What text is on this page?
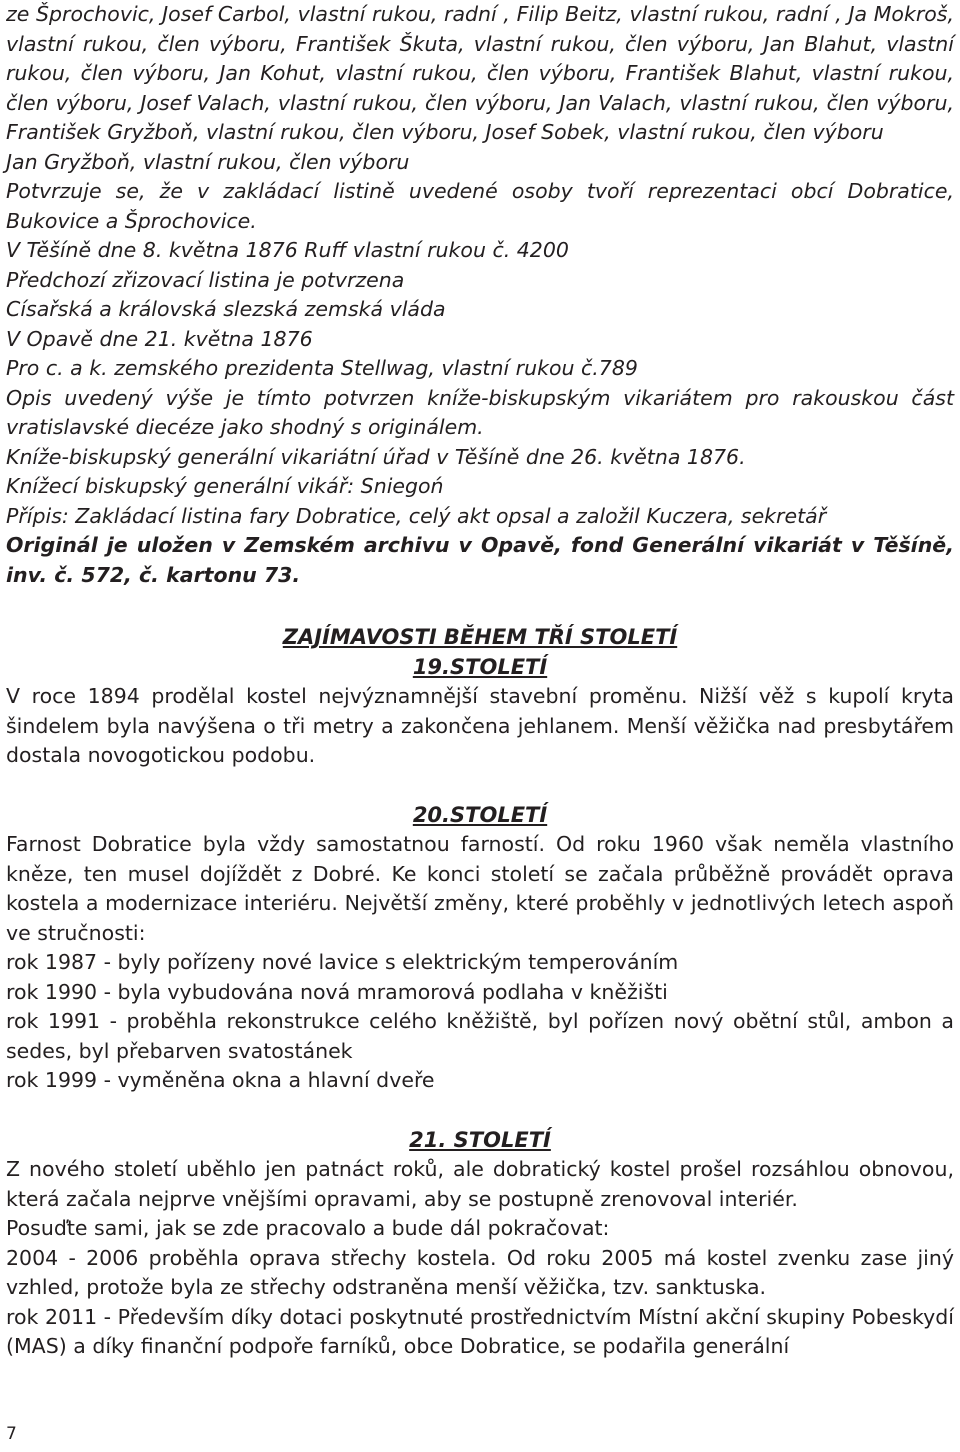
ze Šprochovic, Josef Carbol, vlastní rukou, radní , Filip Beitz, vlastní rukou, radní , Ja Mokroš, vlastní rukou, člen výboru, František Škuta, vlastní rukou, člen výboru, Jan Blahut, vlastní rukou, člen výboru, Jan Kohut, vlastní rukou, člen výboru, František Blahut, vlastní rukou, člen výboru, Josef Valach, vlastní rukou, člen výboru, Jan Valach, vlastní rukou, člen výboru, František Gryžboň, vlastní rukou, člen výboru, Josef Sobek, vlastní rukou, člen výboru

Jan Gryžboň, vlastní rukou, člen výboru

Potvrzuje se, že v zakládací listině uvedené osoby tvoří reprezentaci obcí Dobratice, Bukovice a Šprochovice.

V Těšíně dne 8. května 1876 Ruff vlastní rukou č. 4200

Předchozí zřizovací listina je potvrzena

Císařská a královská slezská zemská vláda

V Opavě dne 21. května 1876

Pro c. a k. zemského prezidenta Stellwag, vlastní rukou č.789

Opis uvedený výše je tímto potvrzen kníže-biskupským vikariátem pro rakouskou část vratislavské diecéze jako shodný s originálem.

Kníže-biskupský generální vikariátní úřad v Těšíně dne 26. května 1876.

Knížecí biskupský generální vikář: Sniegoń

Přípis: Zakládací listina fary Dobratice, celý akt opsal a založil Kuczera, sekretář

Originál je uložen v Zemském archivu v Opavě, fond Generální vikariát v Těšíně, inv. č. 572, č. kartonu 73.

ZAJÍMAVOSTI BĚHEM TŘÍ STOLETÍ

19.STOLETÍ

V roce 1894 prodělal kostel nejvýznamnější stavební proměnu. Nižší věž s kupolí kryta šindelem byla navýšena o tři metry a zakončena jehlanem. Menší věžička nad presbytářem dostala novogotickou podobu.

20.STOLETÍ

Farnost Dobratice byla vždy samostatnou farností. Od roku 1960 však neměla vlastního kněze, ten musel dojíždět z Dobré. Ke konci století se začala průběžně provádět oprava kostela a modernizace interiéru. Největší změny, které proběhly v jednotlivých letech aspoň ve stručnosti:

rok 1987 - byly pořízeny nové lavice s elektrickým temperováním

rok 1990 - byla vybudována nová mramorová podlaha v kněžišti

rok 1991 - proběhla rekonstrukce celého kněžiště, byl pořízen nový obětní stůl, ambon a sedes, byl přebarven svatostánek

rok 1999 - vyměněna okna a hlavní dveře

21. STOLETÍ

Z nového století uběhlo jen patnáct roků, ale dobratický kostel prošel rozsáhlou obnovou, která začala nejprve vnějšími opravami, aby se postupně zrenovoval interiér.

Posuďte sami, jak se zde pracovalo a bude dál pokračovat:

2004 - 2006 proběhla oprava střechy kostela. Od roku 2005 má kostel zvenku zase jiný vzhled, protože byla ze střechy odstraněna menší věžička, tzv. sanktuska.

rok 2011 - Především díky dotaci poskytnuté prostřednictvím Místní akční skupiny Pobeskydí (MAS) a díky finanční podpoře farníků, obce Dobratice, se podařila generální

7
